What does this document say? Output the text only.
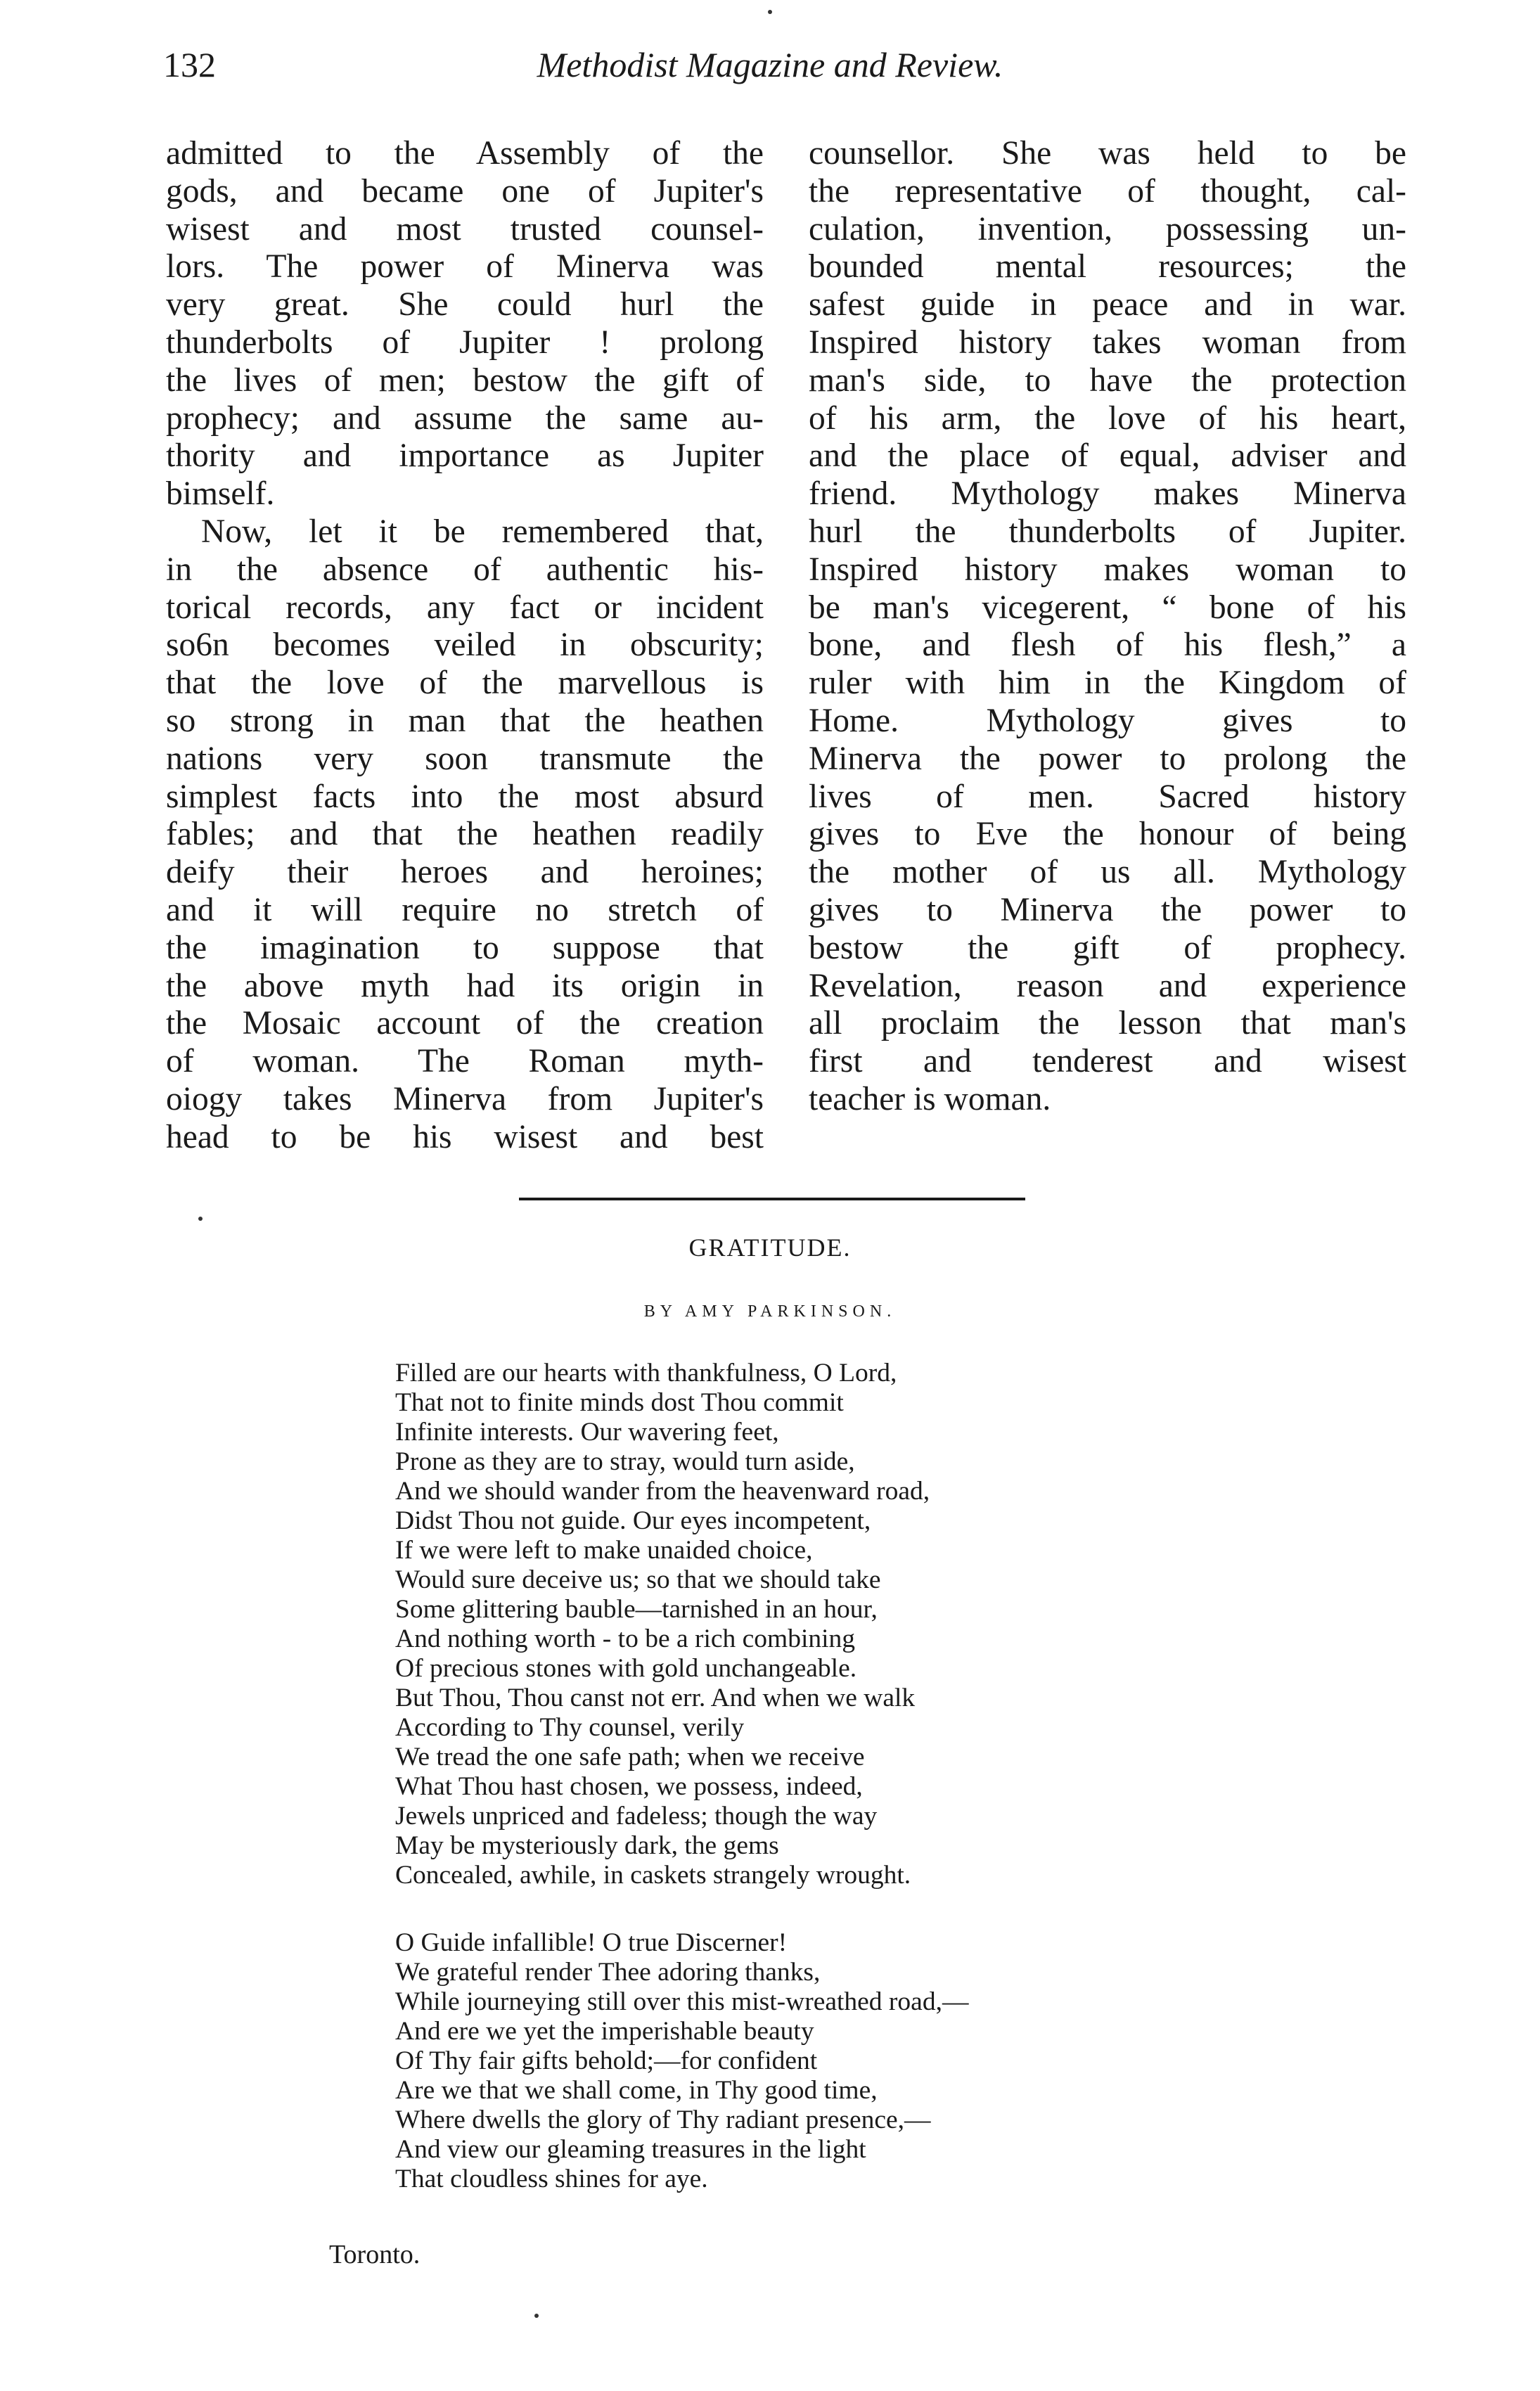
132	Methodist Magazine and Review.

admitted to the Assembly of the

gods, and became one of Jupiter's

wisest and most trusted counsel-

lors. The power of Minerva was

very great. She could hurl the

thunderbolts of Jupiter ! prolong

the lives of men; bestow the gift of

prophecy; and assume the same au-

thority and importance as Jupiter

bimself.

Now, let it be remembered that,

in the absence of authentic his-

torical records, any fact or incident

so6n becomes veiled in obscurity;

that the love of the marvellous is

so strong in man that the heathen

nations very soon transmute the

simplest facts into the most absurd

fables; and that the heathen readily

deify their heroes and heroines;

and it will require no stretch of

the imagination to suppose that

the above myth had its origin in

the Mosaic account of the creation

of woman. The Roman myth-

oiogy takes Minerva from Jupiter's

head to be his wisest and best

counsellor. She was held to be

the representative of thought, cal-

culation, invention, possessing un-

bounded mental resources; the

safest guide in peace and in war.

Inspired history takes woman from

man's side, to have the protection

of his arm, the love of his heart,

and the place of equal, adviser and

friend. Mythology makes Minerva

hurl the thunderbolts of Jupiter.

Inspired history makes woman to

be man's vicegerent, “ bone of his

bone, and flesh of his flesh,” a

ruler with him in the Kingdom of

Home. Mythology gives to

Minerva the power to prolong the

lives of men. Sacred history

gives to Eve the honour of being

the mother of us all. Mythology

gives to Minerva the power to

bestow the gift of prophecy.

Revelation, reason and experience

all proclaim the lesson that man's

first and tenderest and wisest

teacher is woman.

GRATITUDE.
BY AMY PARKINSON.
Filled are our hearts with thankfulness, O Lord,
That not to finite minds dost Thou commit
Infinite interests. Our wavering feet,
Prone as they are to stray, would turn aside,
And we should wander from the heavenward road,
Didst Thou not guide. Our eyes incompetent,
If we were left to make unaided choice,
Would sure deceive us; so that we should take
Some glittering bauble—tarnished in an hour,
And nothing worth - to be a rich combining
Of precious stones with gold unchangeable.
But Thou, Thou canst not err. And when we walk
According to Thy counsel, verily
We tread the one safe path; when we receive
What Thou hast chosen, we possess, indeed,
Jewels unpriced and fadeless; though the way
May be mysteriously dark, the gems
Concealed, awhile, in caskets strangely wrought.
O Guide infallible! O true Discerner!
We grateful render Thee adoring thanks,
While journeying still over this mist-wreathed road,—
And ere we yet the imperishable beauty
Of Thy fair gifts behold;—for confident
Are we that we shall come, in Thy good time,
Where dwells the glory of Thy radiant presence,—
And view our gleaming treasures in the light
That cloudless shines for aye.
Toronto.
